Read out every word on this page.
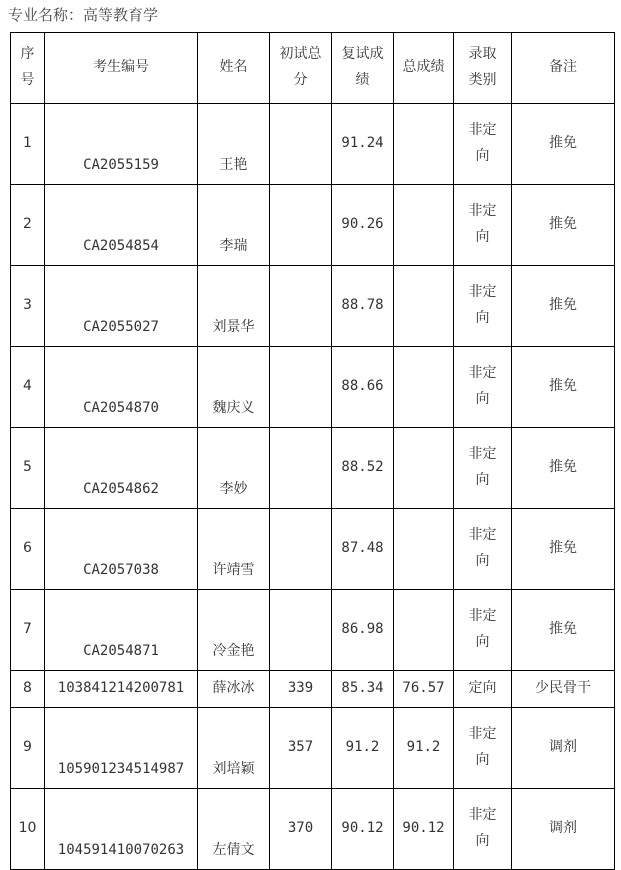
专业名称：高等教育学
序号	考生编号	姓名	初试总分	复试成绩	总成绩	录取类别	备注
1	CA2055159	王艳		91.24		非定向	推免
2	CA2054854	李瑞		90.26		非定向	推免
3	CA2055027	刘景华		88.78		非定向	推免
4	CA2054870	魏庆义		88.66		非定向	推免
5	CA2054862	李妙		88.52		非定向	推免
6	CA2057038	许靖雪		87.48		非定向	推免
7	CA2054871	冷金艳		86.98		非定向	推免
8	103841214200781	薛冰冰	339	85.34	76.57	定向	少民骨干
9	105901234514987	刘培颖	357	91.2	91.2	非定向	调剂
10	104591410070263	左倩文	370	90.12	90.12	非定向	调剂
